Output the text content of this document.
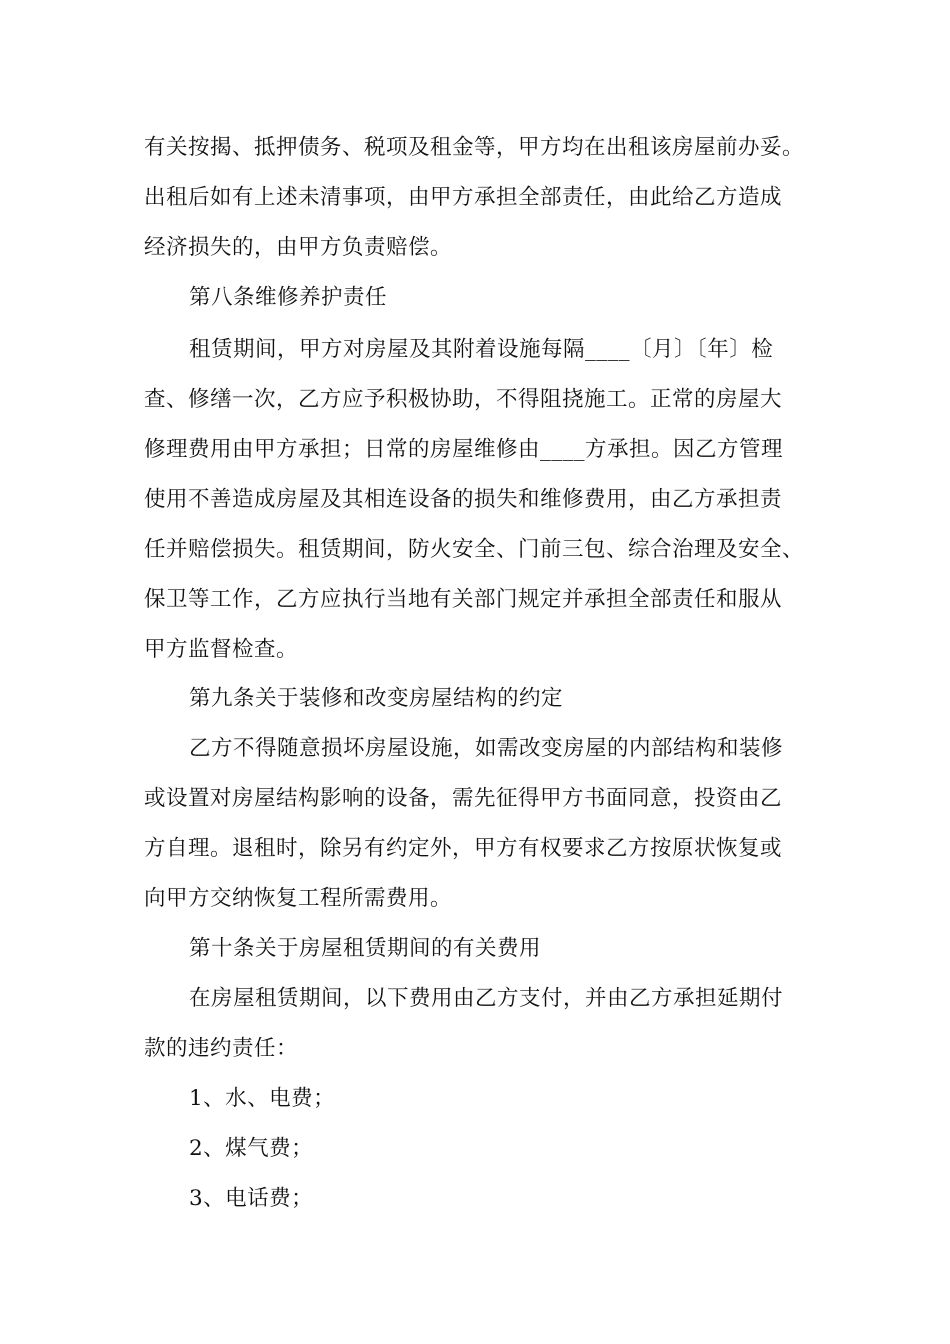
有关按揭、抵押债务、税项及租金等，甲方均在出租该房屋前办妥。
出租后如有上述未清事项，由甲方承担全部责任，由此给乙方造成
经济损失的，由甲方负责赔偿。
第八条维修养护责任
租赁期间，甲方对房屋及其附着设施每隔____〔月〕〔年〕检
查、修缮一次，乙方应予积极协助，不得阻挠施工。正常的房屋大
修理费用由甲方承担；日常的房屋维修由____方承担。因乙方管理
使用不善造成房屋及其相连设备的损失和维修费用，由乙方承担责
任并赔偿损失。租赁期间，防火安全、门前三包、综合治理及安全、
保卫等工作，乙方应执行当地有关部门规定并承担全部责任和服从
甲方监督检查。
第九条关于装修和改变房屋结构的约定
乙方不得随意损坏房屋设施，如需改变房屋的内部结构和装修
或设置对房屋结构影响的设备，需先征得甲方书面同意，投资由乙
方自理。退租时，除另有约定外，甲方有权要求乙方按原状恢复或
向甲方交纳恢复工程所需费用。
第十条关于房屋租赁期间的有关费用
在房屋租赁期间，以下费用由乙方支付，并由乙方承担延期付
款的违约责任：
1、水、电费；
2、煤气费；
3、电话费；
